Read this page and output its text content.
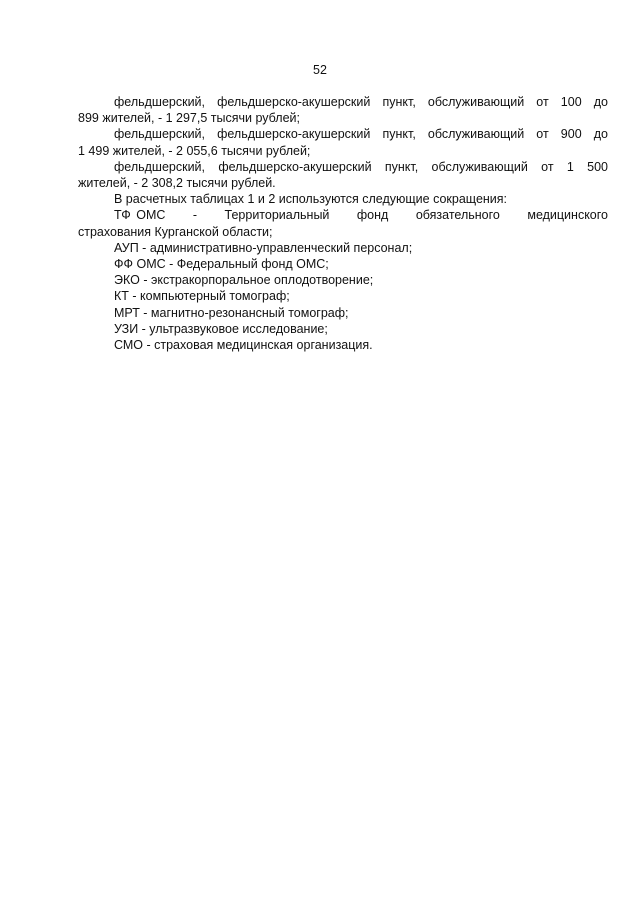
52
фельдшерский, фельдшерско-акушерский пункт, обслуживающий от 100 до
899 жителей, - 1 297,5 тысячи рублей;
фельдшерский, фельдшерско-акушерский пункт, обслуживающий от 900 до
1 499 жителей, - 2 055,6 тысячи рублей;
фельдшерский, фельдшерско-акушерский пункт, обслуживающий от 1 500
жителей, - 2 308,2 тысячи рублей.
В расчетных таблицах 1 и 2 используются следующие сокращения:
ТФ ОМС     -     Территориальный     фонд     обязательного     медицинского
страхования Курганской области;
АУП - административно-управленческий персонал;
ФФ ОМС - Федеральный фонд ОМС;
ЭКО - экстракорпоральное оплодотворение;
КТ - компьютерный томограф;
МРТ - магнитно-резонансный томограф;
УЗИ - ультразвуковое исследование;
СМО - страховая медицинская организация.
